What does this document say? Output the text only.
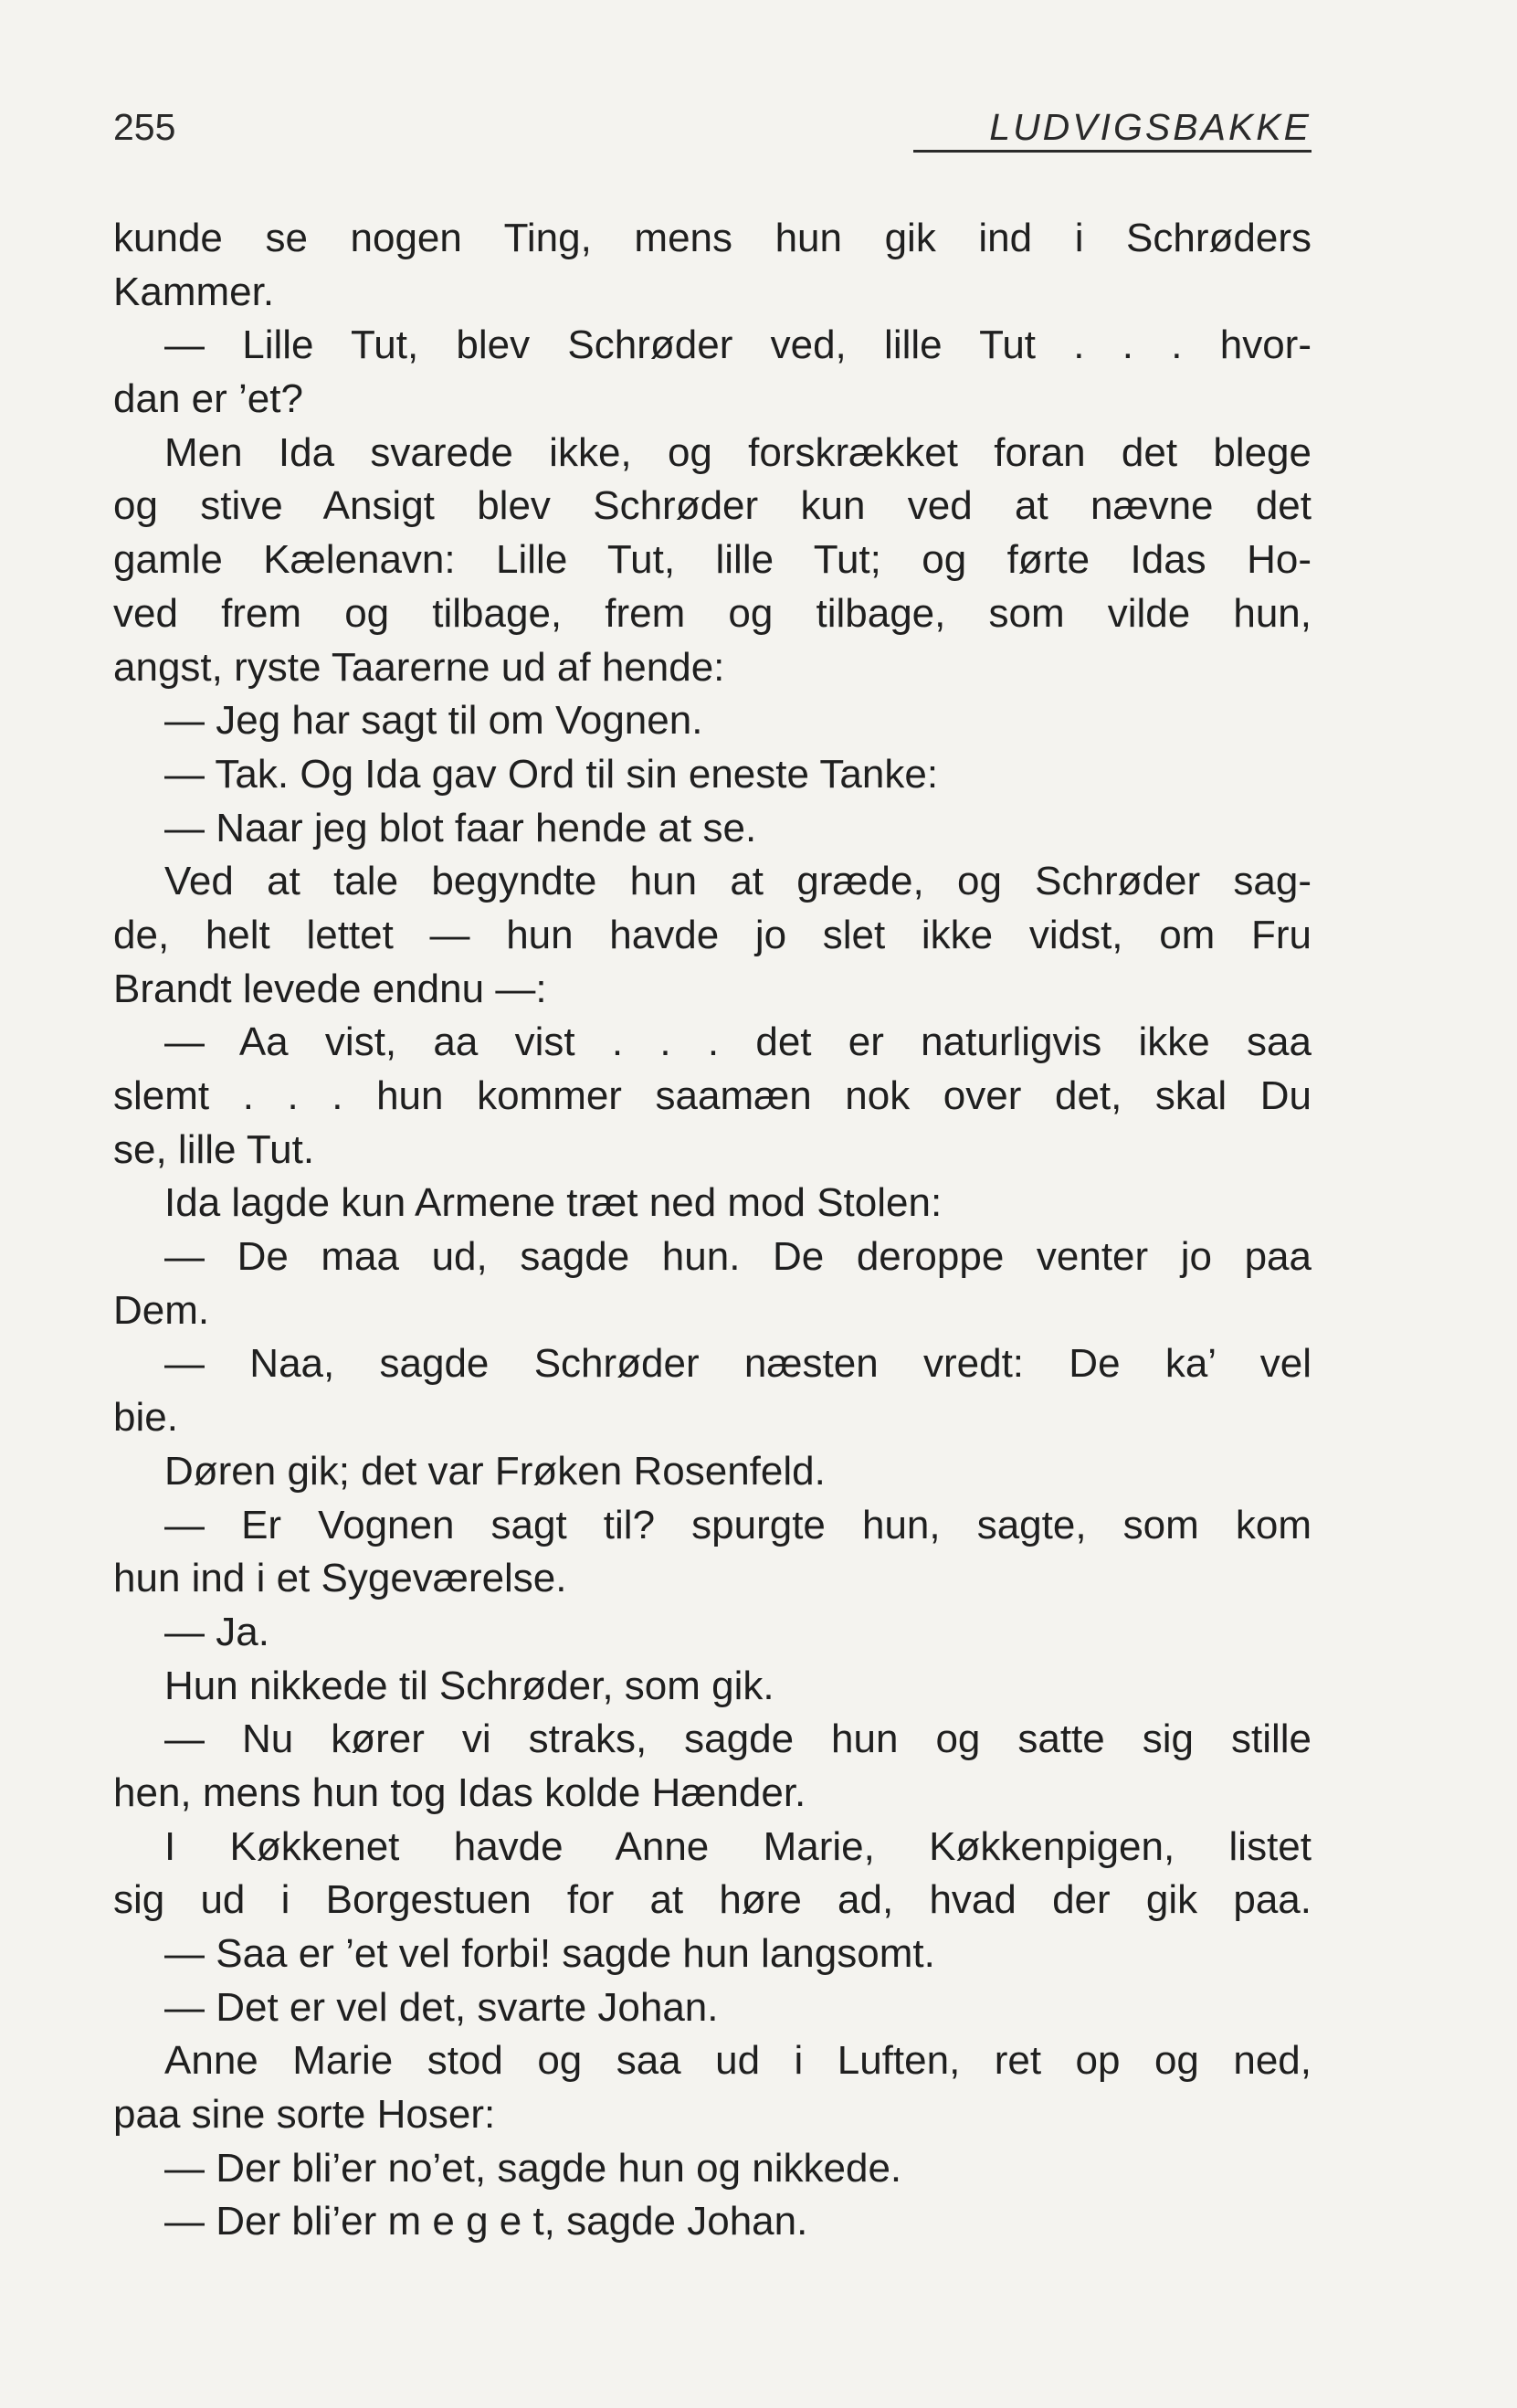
255	LUDVIGSBAKKE
kunde se nogen Ting, mens hun gik ind i Schrøders
Kammer.
— Lille Tut, blev Schrøder ved, lille Tut . . . hvor-
dan er ’et?
Men Ida svarede ikke, og forskrækket foran det blege
og stive Ansigt blev Schrøder kun ved at nævne det
gamle Kælenavn: Lille Tut, lille Tut; og førte Idas Ho-
ved frem og tilbage, frem og tilbage, som vilde hun,
angst, ryste Taarerne ud af hende:
— Jeg har sagt til om Vognen.
— Tak. Og Ida gav Ord til sin eneste Tanke:
— Naar jeg blot faar hende at se.
Ved at tale begyndte hun at græde, og Schrøder sag-
de, helt lettet — hun havde jo slet ikke vidst, om Fru
Brandt levede endnu —:
— Aa vist, aa vist . . . det er naturligvis ikke saa
slemt . . . hun kommer saamæn nok over det, skal Du
se, lille Tut.
Ida lagde kun Armene træt ned mod Stolen:
— De maa ud, sagde hun. De deroppe venter jo paa
Dem.
— Naa, sagde Schrøder næsten vredt: De ka’ vel
bie.
Døren gik; det var Frøken Rosenfeld.
— Er Vognen sagt til? spurgte hun, sagte, som kom
hun ind i et Sygeværelse.
— Ja.
Hun nikkede til Schrøder, som gik.
— Nu kører vi straks, sagde hun og satte sig stille
hen, mens hun tog Idas kolde Hænder.
I Køkkenet havde Anne Marie, Køkkenpigen, listet
sig ud i Borgestuen for at høre ad, hvad der gik paa.
— Saa er ’et vel forbi! sagde hun langsomt.
— Det er vel det, svarte Johan.
Anne Marie stod og saa ud i Luften, ret op og ned,
paa sine sorte Hoser:
— Der bli’er no’et, sagde hun og nikkede.
— Der bli’er m e g e t, sagde Johan.
